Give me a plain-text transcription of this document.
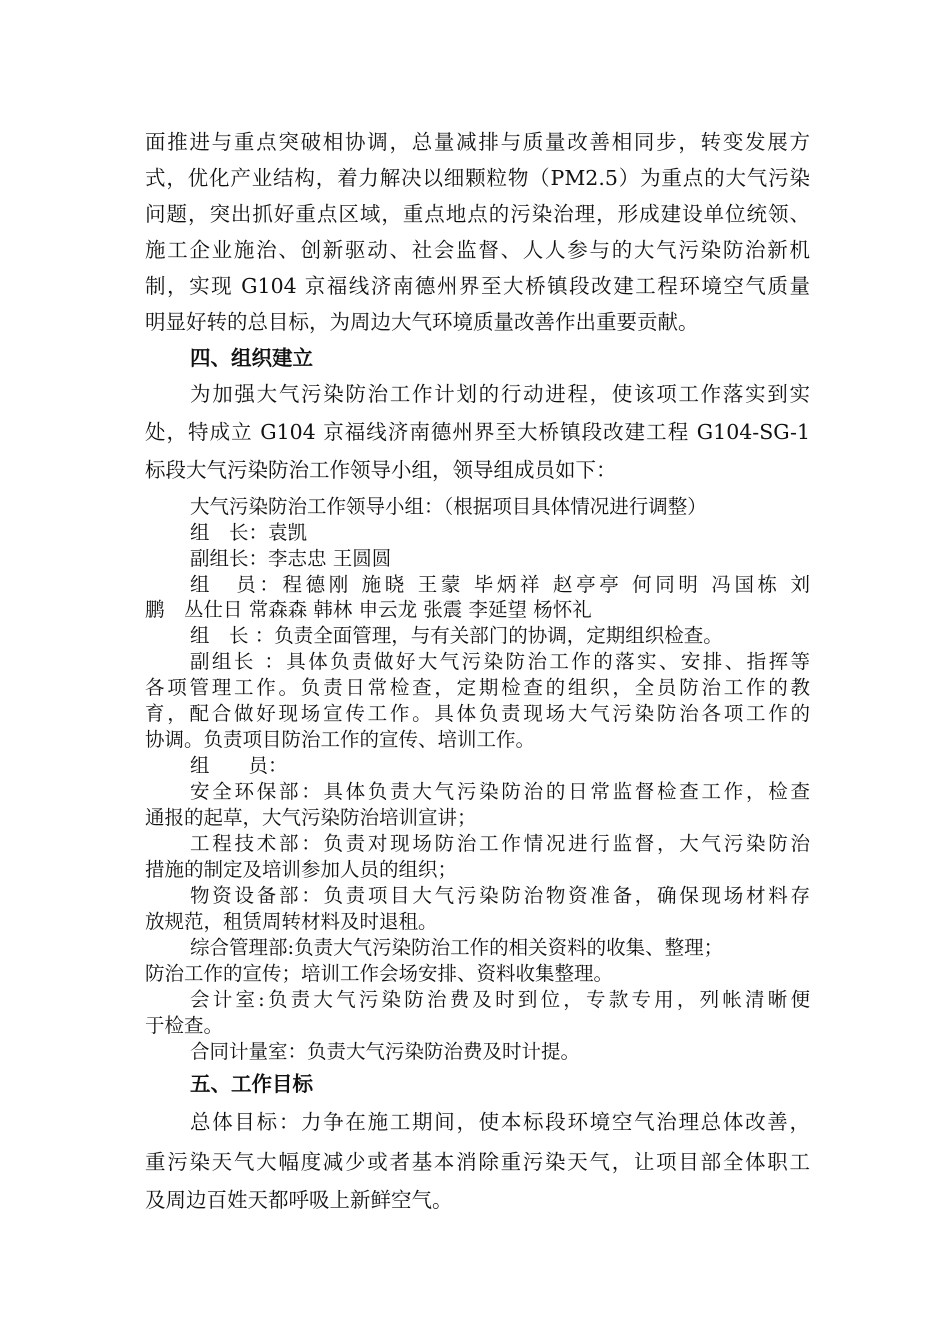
面推进与重点突破相协调，总量减排与质量改善相同步，转变发展方
式，优化产业结构，着力解决以细颗粒物（PM2.5）为重点的大气污染
问题，突出抓好重点区域，重点地点的污染治理，形成建设单位统领、
施工企业施治、创新驱动、社会监督、人人参与的大气污染防治新机
制，实现 G104 京福线济南德州界至大桥镇段改建工程环境空气质量
明显好转的总目标，为周边大气环境质量改善作出重要贡献。
四、组织建立
为加强大气污染防治工作计划的行动进程，使该项工作落实到实
处，特成立 G104 京福线济南德州界至大桥镇段改建工程 G104-SG-1
标段大气污染防治工作领导小组，领导组成员如下：
大气污染防治工作领导小组：（根据项目具体情况进行调整）
组　长：袁凯
副组长：李志忠 王圆圆
组　员：程德刚 施晓 王蒙 毕炳祥 赵亭亭 何同明 冯国栋 刘
鹏　丛仕日 常森森 韩林 申云龙 张震 李延望 杨怀礼
组　长 ：负责全面管理，与有关部门的协调，定期组织检查。
副组长 ：具体负责做好大气污染防治工作的落实、安排、指挥等
各项管理工作。负责日常检查，定期检查的组织，全员防治工作的教
育，配合做好现场宣传工作。具体负责现场大气污染防治各项工作的
协调。负责项目防治工作的宣传、培训工作。
组　　员：
安全环保部：具体负责大气污染防治的日常监督检查工作，检查
通报的起草，大气污染防治培训宣讲；
工程技术部：负责对现场防治工作情况进行监督，大气污染防治
措施的制定及培训参加人员的组织；
物资设备部：负责项目大气污染防治物资准备，确保现场材料存
放规范，租赁周转材料及时退租。
综合管理部:负责大气污染防治工作的相关资料的收集、整理；
防治工作的宣传；培训工作会场安排、资料收集整理。
会计室:负责大气污染防治费及时到位，专款专用，列帐清晰便
于检查。
合同计量室：负责大气污染防治费及时计提。
五、工作目标
总体目标：力争在施工期间，使本标段环境空气治理总体改善，
重污染天气大幅度减少或者基本消除重污染天气，让项目部全体职工
及周边百姓天都呼吸上新鲜空气。
